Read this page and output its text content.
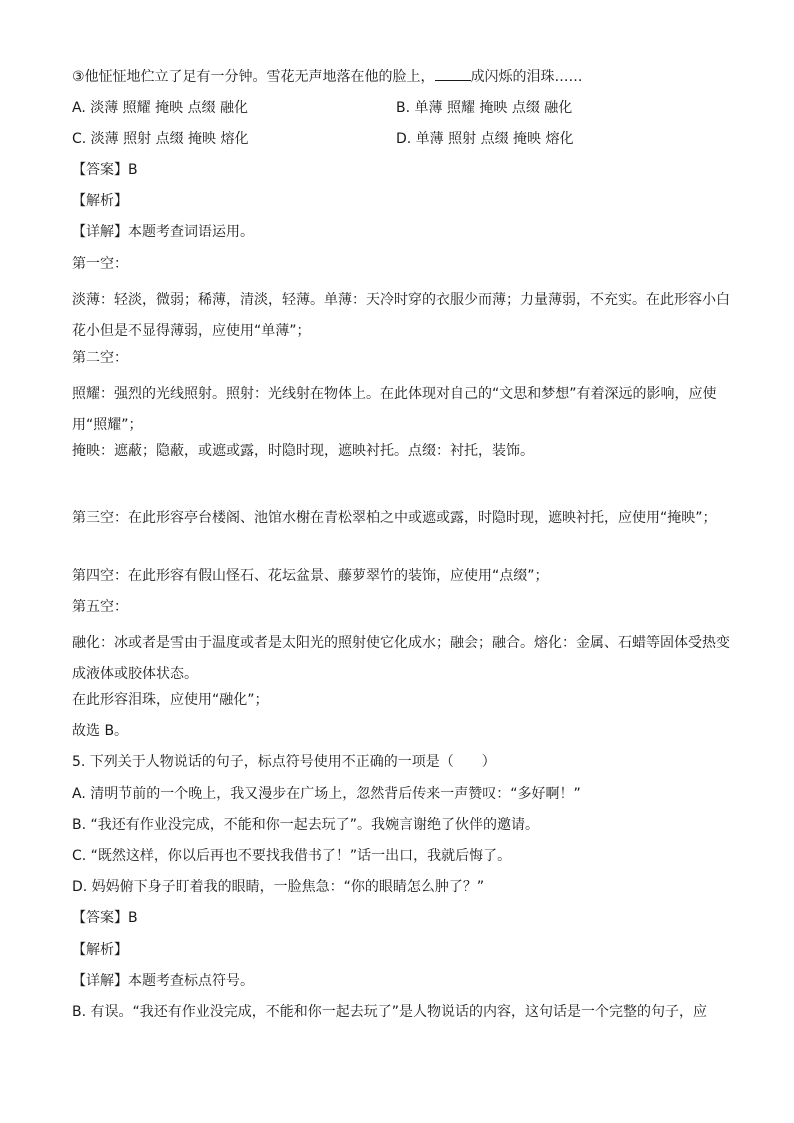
③他怔怔地伫立了足有一分钟。雪花无声地落在他的脸上，	成闪烁的泪珠……
A. 淡薄 照耀 掩映 点缀 融化	B. 单薄 照耀 掩映 点缀 融化
C. 淡薄 照射 点缀 掩映 熔化	D. 单薄 照射 点缀 掩映 熔化
【答案】B
【解析】
【详解】本题考查词语运用。
第一空：
淡薄：轻淡，微弱；稀薄，清淡，轻薄。单薄：天冷时穿的衣服少而薄；力量薄弱，不充实。在此形容小白花小但是不显得薄弱，应使用“单薄”；
第二空：
照耀：强烈的光线照射。照射：光线射在物体上。在此体现对自己的“文思和梦想”有着深远的影响，应使用“照耀”；
掩映：遮蔽；隐蔽，或遮或露，时隐时现，遮映衬托。点缀：衬托，装饰。
第三空：在此形容亭台楼阁、池馆水榭在青松翠柏之中或遮或露，时隐时现，遮映衬托，应使用“掩映”；
第四空：在此形容有假山怪石、花坛盆景、藤萝翠竹的装饰，应使用“点缀”；
第五空：
融化：冰或者是雪由于温度或者是太阳光的照射使它化成水；融会；融合。熔化：金属、石蜡等固体受热变成液体或胶体状态。
在此形容泪珠，应使用“融化”；
故选 B。
5. 下列关于人物说话的句子，标点符号使用不正确的一项是（　　）
A. 清明节前的一个晚上，我又漫步在广场上，忽然背后传来一声赞叹：“多好啊！”
B. “我还有作业没完成，不能和你一起去玩了”。我婉言谢绝了伙伴的邀请。
C. “既然这样，你以后再也不要找我借书了！”话一出口，我就后悔了。
D. 妈妈俯下身子盯着我的眼睛，一脸焦急：“你的眼睛怎么肿了？”
【答案】B
【解析】
【详解】本题考查标点符号。
B. 有误。“我还有作业没完成，不能和你一起去玩了”是人物说话的内容，这句话是一个完整的句子，应
